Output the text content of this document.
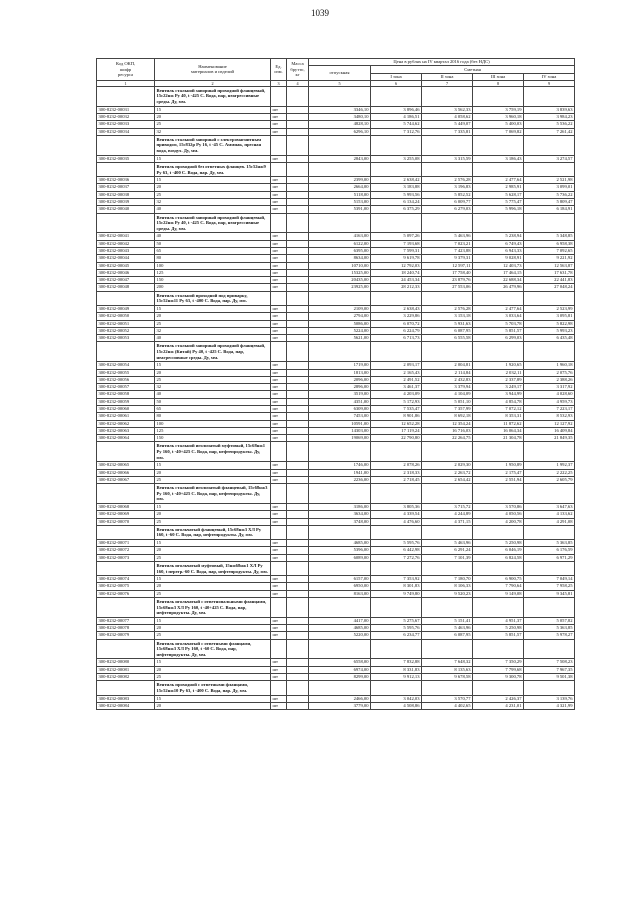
1039
Код ОКП,
шифр
ресурса	Наименование
материалов и изделий	Ед.
изм.	Масса
брутто,
кг	Цена в рублях на IV квартал 2016 года (без НДС)				
				отпускная	Сметная			
					I зона	II зона	III зона	IV зона
1	2	3	4	5	6	7	8	9
	Вентиль стальной запорный проходной фланцевый, 15с22нж Ру 40, t -425 С. Вода, пар, неагрессивные среды. Ду, мм.							
300-8232-00031	15	шт		3346,10	3 896,46	3 562,33	3 759,19	3 839,63
300-8232-00032	20	шт		3480,10	4 186,51	4 058,62	3 960,18	3 984,23
300-8232-00033	25	шт		4828,10	5 744,62	5 449,07	5 400,03	5 536,22
300-8232-00034	32	шт		6296,10	7 312,76	7 335,81	7 069,82	7 261,42
	Вентиль стальной запорный с электромагнитным приводом, 15с832р Ру 16, t -45 С. Аммиак, пресная вода, воздух. Ду, мм.							
300-8232-00035	15	шт		2843,00	3 255,08	3 315,59	3 186,43	3 274,57
	Вентиль проходной без ответных фланцев. 15с52нж9 Ру 63, t -400 С. Вода, пар. Ду, мм.							
300-8232-00036	15	шт		2399,00	2 638,42	2 576,28	2 477,64	2 521,98
300-8232-00037	20	шт		2664,00	3 183,88	3 196,83	2 985,91	3 099,01
300-8232-00038	25	шт		5118,00	5 993,56	5 852,52	5 628,17	5 736,22
300-8232-00039	32	шт		5153,00	6 134,24	6 009,77	5 775,47	5 809,47
300-8232-00040	40	шт		5391,00	6 375,29	6 279,03	5 996,18	6 184,91
	Вентиль стальной запорный проходной фланцевый, 15с22нж Ру 40, t -425 С. Вода, пар, неагрессивные среды. Ду, мм.							
300-8232-00041	40	шт		4163,00	5 097,26	5 463,96	5 238,94	5 348,85
300-8232-00042	50	шт		6122,00	7 193,68	7 023,21	6 749,43	6 958,38
300-8232-00043	65	шт		6395,00	7 599,31	7 423,88	6 943,33	7 092,65
300-8232-00044	80	шт		8634,00	9 619,78	9 379,31	9 028,91	9 221,92
300-8232-00045	100	шт		10710,00	12 792,03	12 597,11	12 403,73	12 563,87
300-8232-00046	125	шт		15325,00	18 240,74	17 758,40	17 464,15	17 631,78
300-8232-00047	150	шт		20435,00	24 453,34	23 879,76	22 688,34	22 441,83
300-8232-00048	200	шт		23925,00	28 212,33	27 553,06	26 479,96	27 048,24
	Вентиль стальной проходной под приварку, 15с52нж11 Ру 63, t -400 С. Вода, пар. Ду, мм.							
300-8232-00049	15	шт		2109,00	2 638,43	2 576,28	2 477,64	2 523,99
300-8232-00050	20	шт		2794,00	3 229,86	3 153,18	3 033,64	3 095,81
300-8232-00051	25	шт		5086,00	6 070,72	5 931,63	5 703,78	5 822,98
300-8232-00052	32	шт		5224,00	6 224,79	6 087,95	5 851,57	5 993,23
300-8232-00053	40	шт		5621,00	6 713,73	6 555,58	6 299,03	6 435,48
	Вентиль стальной запорный проходной фланцевый, 15с22нж (Китай) Ру 40, t -425 С. Вода, пар, неагрессивные среды. Ду, мм.							
300-8232-00054	15	шт		1719,00	2 093,17	2 004,81	1 920,65	1 960,18
300-8232-00055	20	шт		1813,00	2 165,43	2 114,84	2 032,11	2 075,76
300-8232-00056	25	шт		2096,00	2 491,52	2 432,83	2 337,89	2 388,26
300-8232-00057	32	шт		2896,00	3 461,37	3 379,94	3 249,17	3 317,92
300-8232-00058	40	шт		3519,00	4 203,09	4 104,09	3 944,99	4 028,60
300-8232-00059	50	шт		4351,00	5 172,93	5 051,10	4 854,78	4 959,73
300-8232-00060	65	шт		6309,00	7 535,47	7 357,99	7 072,12	7 223,17
300-8232-00061	80	шт		7453,00	8 901,86	8 692,18	8 353,31	8 532,93
300-8232-00062	100	шт		10591,00	12 652,28	12 354,24	11 872,62	12 127,92
300-8232-00063	125	шт		14303,00	17 119,24	16 716,03	16 064,34	16 409,84
300-8232-00064	150	шт		19069,00	22 790,80	22 264,75	21 304,78	21 849,35
	Вентиль стальной игольчатый муфтовый, 15с68нж1 Ру 160, t -40+425 С. Вода, пар, нефтепродукты. Ду, мм.							
300-8232-00065	15	шт		1746,00	2 078,26	2 029,30	1 950,89	1 992,37
300-8232-00066	20	шт		1941,00	2 318,33	2 263,72	2 175,47	2 222,25
300-8232-00067	25	шт		2236,00	2 718,45	2 654,42	2 551,94	2 605,79
	Вентиль стальной игольчатый фланцевый, 15с68нж3 Ру 160, t -40+425 С. Вода, пар, нефтепродукты. Ду, мм.							
300-8232-00068	15	шт		3186,00	3 805,36	3 715,72	3 570,86	3 647,63
300-8232-00069	20	шт		3634,00	4 339,54	4 244,89	4 050,56	4 133,62
300-8232-00070	25	шт		3748,00	4 476,60	4 371,15	4 200,78	4 291,08
	Вентиль игольчатый фланцевый, 15с68нж3 ХЛ Ру 160, t -60 С. Вода, пар, нефтепродукты. Ду, мм.							
300-8232-00071	15	шт		4685,00	5 595,76	5 463,96	5 250,98	5 363,85
300-8232-00072	20	шт		5396,00	6 442,98	6 291,24	6 046,19	6 176,59
300-8232-00073	25	шт		6089,00	7 272,76	7 101,39	6 824,58	6 971,29
	Вентиль игольчатый муфтовый, 15нж68нж1 ХЛ Ру 160, t перегр.-60 С. Вода, пар, нефтепродукты. Ду, мм.							
300-8232-00074	15	шт		6157,00	7 353,92	7 180,70	6 900,75	7 049,14
300-8232-00075	20	шт		6950,00	8 301,83	8 106,33	7 790,64	7 958,25
300-8232-00076	25	шт		8163,00	9 749,80	9 520,23	9 149,08	9 345,81
	Вентиль игольчатый с ответнопальными фланцами, 15с68нж3 ХЛ Ру 160, t -40+425 С. Вода, пар, нефтепродукты. Ду, мм.							
300-8232-00077	15	шт		4417,00	5 275,67	5 151,41	4 951,37	5 057,82
300-8232-00078	20	шт		4685,00	5 595,76	5 463,96	5 250,98	5 363,85
300-8232-00079	25	шт		5220,00	6 234,77	6 087,95	5 851,57	5 978,27
	Вентиль игольчатый с ответными фланцами, 15с68нж3 ХЛ Ру 160, t -60 С. Вода, пар, нефтепродукты. Ду, мм.							
300-8232-00080	15	шт		6558,00	7 832,88	7 648,32	7 350,29	7 508,23
300-8232-00081	20	шт		6974,00	8 331,83	8 135,63	7 799,68	7 967,35
300-8232-00082	25	шт		8299,00	9 912,13	9 678,58	9 300,78	9 501,38
	Вентиль проходной с ответными фланцами, 15с52нж10 Ру 63, t -400 С. Вода, пар. Ду, мм.							
300-8232-00083	15	шт		2466,00	3 042,03	3 570,77	2 426,37	3 139,76
300-8232-00084	20	шт		3779,00	4 508,86	4 402,65	4 231,01	4 321,99
